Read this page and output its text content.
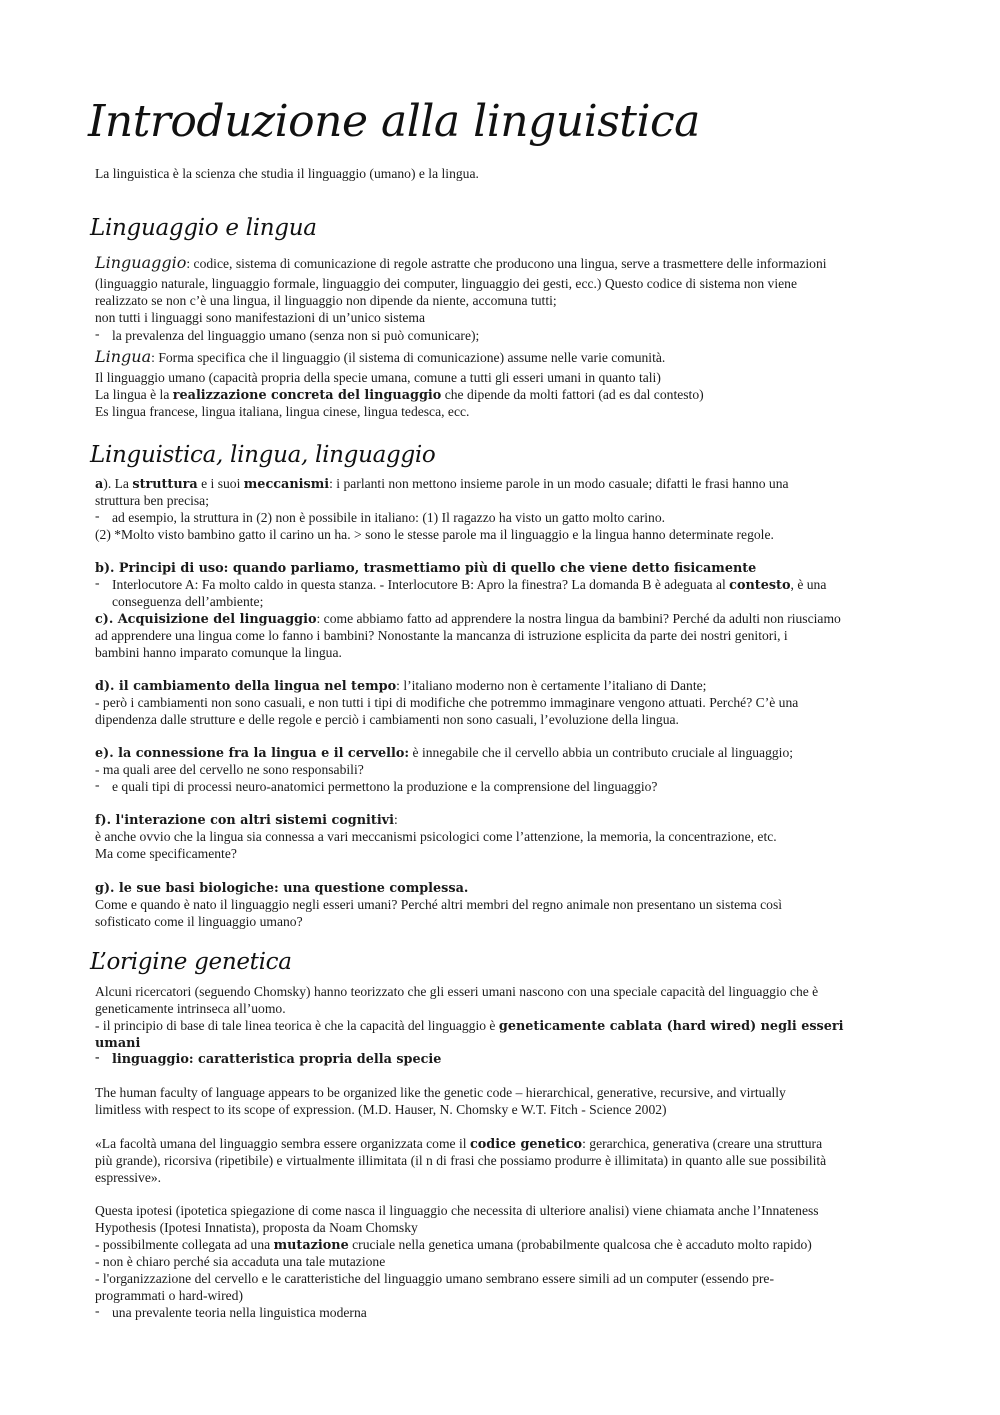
Introduzione alla linguistica
La linguistica è la scienza che studia il linguaggio (umano) e la lingua.
Linguaggio e lingua
Linguaggio: codice, sistema di comunicazione di regole astratte che producono una lingua, serve a trasmettere delle informazioni
(linguaggio naturale, linguaggio formale, linguaggio dei computer, linguaggio dei gesti, ecc.) Questo codice di sistema non viene
realizzato se non c’è una lingua, il linguaggio non dipende da niente, accomuna tutti;
non tutti i linguaggi sono manifestazioni di un’unico sistema
- la prevalenza del linguaggio umano (senza non si può comunicare);
Lingua: Forma specifica che il linguaggio (il sistema di comunicazione) assume nelle varie comunità.
Il linguaggio umano (capacità propria della specie umana, comune a tutti gli esseri umani in quanto tali)
La lingua è la realizzazione concreta del linguaggio che dipende da molti fattori (ad es dal contesto)
Es lingua francese, lingua italiana, lingua cinese, lingua tedesca, ecc.
Linguistica, lingua, linguaggio
a). La struttura e i suoi meccanismi: i parlanti non mettono insieme parole in un modo casuale; difatti le frasi hanno una
struttura ben precisa;
- ad esempio, la struttura in (2) non è possibile in italiano: (1) Il ragazzo ha visto un gatto molto carino.
(2) *Molto visto bambino gatto il carino un ha. > sono le stesse parole ma il linguaggio e la lingua hanno determinate regole.
b). Principi di uso: quando parliamo, trasmettiamo più di quello che viene detto fisicamente
- Interlocutore A: Fa molto caldo in questa stanza. - Interlocutore B: Apro la finestra? La domanda B è adeguata al contesto, è una
conseguenza dell’ambiente;
c). Acquisizione del linguaggio: come abbiamo fatto ad apprendere la nostra lingua da bambini? Perché da adulti non riusciamo
ad apprendere una lingua come lo fanno i bambini? Nonostante la mancanza di istruzione esplicita da parte dei nostri genitori, i
bambini hanno imparato comunque la lingua.
d). il cambiamento della lingua nel tempo: l’italiano moderno non è certamente l’italiano di Dante;
- però i cambiamenti non sono casuali, e non tutti i tipi di modifiche che potremmo immaginare vengono attuati. Perché? C’è una
dipendenza dalle strutture e delle regole e perciò i cambiamenti non sono casuali, l’evoluzione della lingua.
e). la connessione fra la lingua e il cervello: è innegabile che il cervello abbia un contributo cruciale al linguaggio;
- ma quali aree del cervello ne sono responsabili?
- e quali tipi di processi neuro-anatomici permettono la produzione e la comprensione del linguaggio?
f). l'interazione con altri sistemi cognitivi:
è anche ovvio che la lingua sia connessa a vari meccanismi psicologici come l’attenzione, la memoria, la concentrazione, etc.
Ma come specificamente?
g). le sue basi biologiche: una questione complessa.
Come e quando è nato il linguaggio negli esseri umani? Perché altri membri del regno animale non presentano un sistema così
sofisticato come il linguaggio umano?
L’origine genetica
Alcuni ricercatori (seguendo Chomsky) hanno teorizzato che gli esseri umani nascono con una speciale capacità del linguaggio che è
geneticamente intrinseca all’uomo.
- il principio di base di tale linea teorica è che la capacità del linguaggio è geneticamente cablata (hard wired) negli esseri
umani
- linguaggio: caratteristica propria della specie
The human faculty of language appears to be organized like the genetic code – hierarchical, generative, recursive, and virtually
limitless with respect to its scope of expression. (M.D. Hauser, N. Chomsky e W.T. Fitch - Science 2002)
«La facoltà umana del linguaggio sembra essere organizzata come il codice genetico: gerarchica, generativa (creare una struttura
più grande), ricorsiva (ripetibile) e virtualmente illimitata (il n di frasi che possiamo produrre è illimitata) in quanto alle sue possibilità
espressive».
Questa ipotesi (ipotetica spiegazione di come nasca il linguaggio che necessita di ulteriore analisi) viene chiamata anche l’Innateness
Hypothesis (Ipotesi Innatista), proposta da Noam Chomsky
- possibilmente collegata ad una mutazione cruciale nella genetica umana (probabilmente qualcosa che è accaduto molto rapido)
- non è chiaro perché sia accaduta una tale mutazione
- l'organizzazione del cervello e le caratteristiche del linguaggio umano sembrano essere simili ad un computer (essendo pre-
programmati o hard-wired)
- una prevalente teoria nella linguistica moderna
